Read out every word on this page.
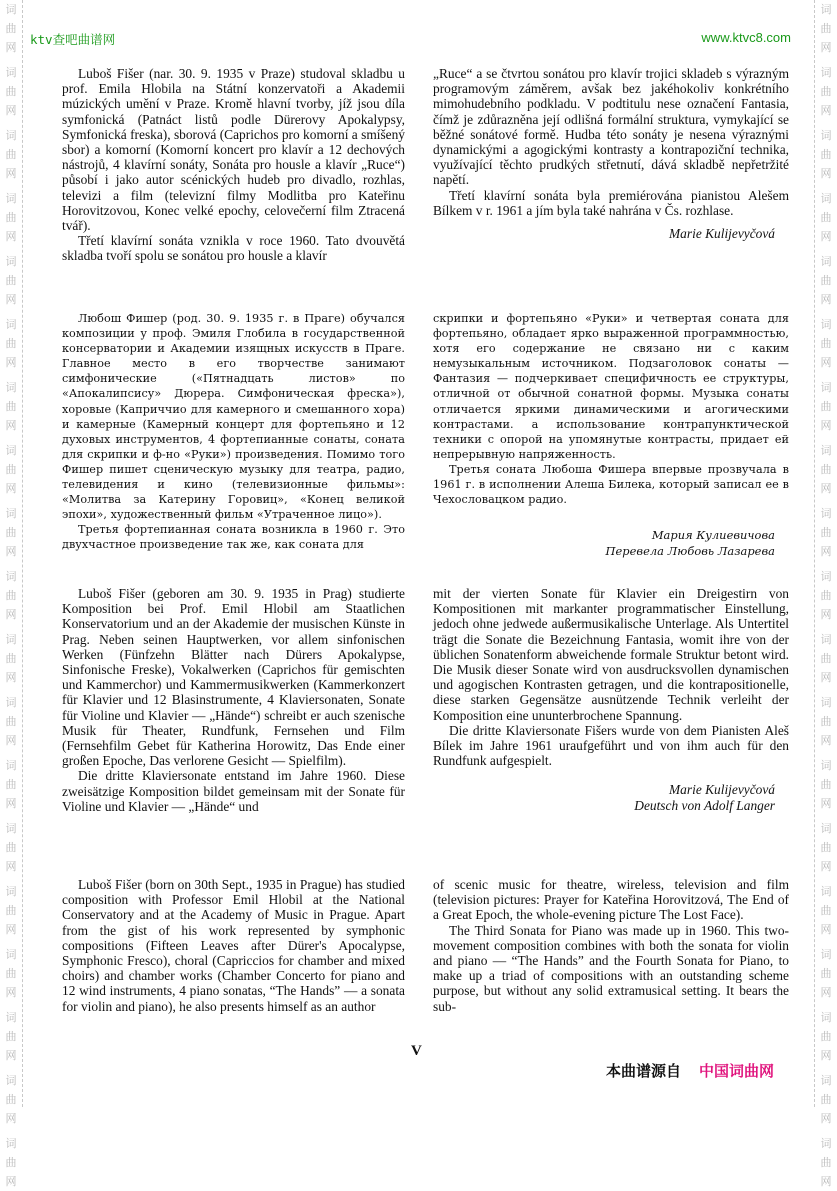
词
曲
网
词
曲
网
词
曲
网
词
曲
网
词
曲
网
词
曲
网
词
曲
网
词
曲
网
词
曲
网
词
曲
网
词
曲
网
词
曲
网
词
曲
网
词
曲
网
词
曲
网
词
曲
网
词
曲
网
词
曲
网
词
曲
网
词
曲
网
词
曲
网
词
曲
网
词
曲
网
词
曲
网
词
曲
网
词
曲
网
词
曲
网
词
曲
网
词
曲
网
词
曲
网
词
曲
网
词
曲
网
词
曲
网
词
曲
网
词
曲
网
词
曲
网
词
曲
网
词
曲
网
ktv查吧曲谱网	www.ktvc8.com

Luboš Fišer (nar. 30. 9. 1935 v Praze) studoval skladbu u prof. Emila Hlobila na Státní konzervatoři a Akademii múzických umění v Praze. Kromě hlavní tvorby, jíž jsou díla symfonická (Patnáct listů podle Dürerovy Apokalypsy, Symfonická freska), sborová (Caprichos pro komorní a smíšený sbor) a komorní (Komorní koncert pro klavír a 12 dechových nástrojů, 4 klavírní sonáty, Sonáta pro housle a klavír „Ruce“) působí i jako autor scénických hudeb pro divadlo, rozhlas, televizi a film (televizní filmy Modlitba pro Kateřinu Horovitzovou, Konec velké epochy, celovečerní film Ztracená tvář).

Třetí klavírní sonáta vznikla v roce 1960. Tato dvouvětá skladba tvoří spolu se sonátou pro housle a klavír

„Ruce“ a se čtvrtou sonátou pro klavír trojici skladeb s výrazným programovým záměrem, avšak bez jakéhokoliv konkrétního mimohudebního podkladu. V podtitulu nese označení Fantasia, čímž je zdůrazněna její odlišná formální struktura, vymykající se běžné sonátové formě. Hudba této sonáty je nesena výraznými dynamickými a agogickými kontrasty a kontrapoziční technika, využívající těchto prudkých střetnutí, dává skladbě nepřetržité napětí.

Třetí klavírní sonáta byla premiérována pianistou Alešem Bílkem v r. 1961 a jím byla také nahrána v Čs. rozhlase.

Marie Kulijevyčová

Любош Фишер (род. 30. 9. 1935 г. в Праге) обучался композиции у проф. Эмиля Глобила в государственной консерватории и Академии изящных искусств в Праге. Главное место в его творчестве занимают симфонические («Пятнадцать листов» по «Апокалипсису» Дюрера. Симфоническая фреска»), хоровые (Каприччио для камерного и смешанного хора) и камерные (Камерный концерт для фортепьяно и 12 духовых инструментов, 4 фортепианные сонаты, соната для скрипки и ф-но «Руки») произведения. Помимо того Фишер пишет сценическую музыку для театра, радио, телевидения и кино (телевизионные фильмы»: «Молитва за Катерину Горовиц», «Конец великой эпохи», художественный фильм «Утраченное лицо»).

Третья фортепианная соната возникла в 1960 г. Это двухчастное произведение так же, как соната для

скрипки и фортепьяно «Руки» и четвертая соната для фортепьяно, обладает ярко выраженной программностью, хотя его содержание не связано ни с каким немузыкальным источником. Подзаголовок сонаты — Фантазия — подчеркивает специфичность ее структуры, отличной от обычной сонатной формы. Музыка сонаты отличается яркими динамическими и агогическими контрастами. а использование контрапунктической техники с опорой на упомянутые контрасты, придает ей непрерывную напряженность.

Третья соната Любоша Фишера впервые прозвучала в 1961 г. в исполнении Алеша Билека, который записал ее в Чехословацком радио.

Мария Кулиевичова
Перевела Любовь Лазарева

Luboš Fišer (geboren am 30. 9. 1935 in Prag) studierte Komposition bei Prof. Emil Hlobil am Staatlichen Konservatorium und an der Akademie der musischen Künste in Prag. Neben seinen Hauptwerken, vor allem sinfonischen Werken (Fünfzehn Blätter nach Dürers Apokalypse, Sinfonische Freske), Vokalwerken (Caprichos für gemischten und Kammerchor) und Kammermusikwerken (Kammerkonzert für Klavier und 12 Blasinstrumente, 4 Klaviersonaten, Sonate für Violine und Klavier — „Hände“) schreibt er auch szenische Musik für Theater, Rundfunk, Fernsehen und Film (Fernsehfilm Gebet für Katherina Horowitz, Das Ende einer großen Epoche, Das verlorene Gesicht — Spielfilm).

Die dritte Klaviersonate entstand im Jahre 1960. Diese zweisätzige Komposition bildet gemeinsam mit der Sonate für Violine und Klavier — „Hände“ und

mit der vierten Sonate für Klavier ein Dreigestirn von Kompositionen mit markanter programmatischer Einstellung, jedoch ohne jedwede außermusikalische Unterlage. Als Untertitel trägt die Sonate die Bezeichnung Fantasia, womit ihre von der üblichen Sonatenform abweichende formale Struktur betont wird. Die Musik dieser Sonate wird von ausdrucksvollen dynamischen und agogischen Kontrasten getragen, und die kontrapositionelle, diese starken Gegensätze ausnützende Technik verleiht der Komposition eine ununterbrochene Spannung.

Die dritte Klaviersonate Fišers wurde von dem Pianisten Aleš Bílek im Jahre 1961 uraufgeführt und von ihm auch für den Rundfunk aufgespielt.

Marie Kulijevyčová
Deutsch von Adolf Langer

Luboš Fišer (born on 30th Sept., 1935 in Prague) has studied composition with Professor Emil Hlobil at the National Conservatory and at the Academy of Music in Prague. Apart from the gist of his work represented by symphonic compositions (Fifteen Leaves after Dürer's Apocalypse, Symphonic Fresco), choral (Capriccios for chamber and mixed choirs) and chamber works (Chamber Concerto for piano and 12 wind instruments, 4 piano sonatas, “The Hands” — a sonata for violin and piano), he also presents himself as an author

of scenic music for theatre, wireless, television and film (television pictures: Prayer for Kateřina Horovitzová, The End of a Great Epoch, the whole-evening picture The Lost Face).

The Third Sonata for Piano was made up in 1960. This two-movement composition combines with both the sonata for violin and piano — “The Hands” and the Fourth Sonata for Piano, to make up a triad of compositions with an outstanding scheme purpose, but without any solid extramusical setting. It bears the sub-

V
本曲谱源自 中国词曲网
